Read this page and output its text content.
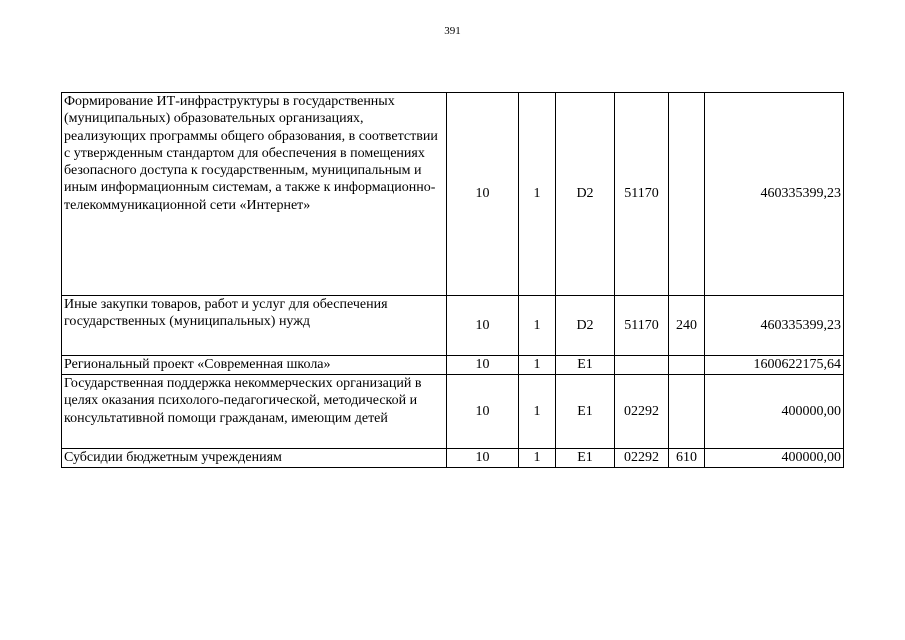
391
Формирование ИТ-инфраструктуры в государственных (муниципальных) образовательных организациях, реализующих программы общего образования, в соответствии с утвержденным стандартом для обеспечения в помещениях безопасного доступа к государственным, муниципальным и иным информационным системам, а также к информационно-телекоммуникационной сети «Интернет»	10	1	D2	51170		460335399,23
Иные закупки товаров, работ и услуг для обеспечения государственных (муниципальных) нужд	10	1	D2	51170	240	460335399,23
Региональный проект «Современная школа»	10	1	E1			1600622175,64
Государственная поддержка некоммерческих организаций в целях оказания психолого-педагогической, методической и консультативной помощи гражданам, имеющим детей	10	1	E1	02292		400000,00
Субсидии бюджетным учреждениям	10	1	E1	02292	610	400000,00
